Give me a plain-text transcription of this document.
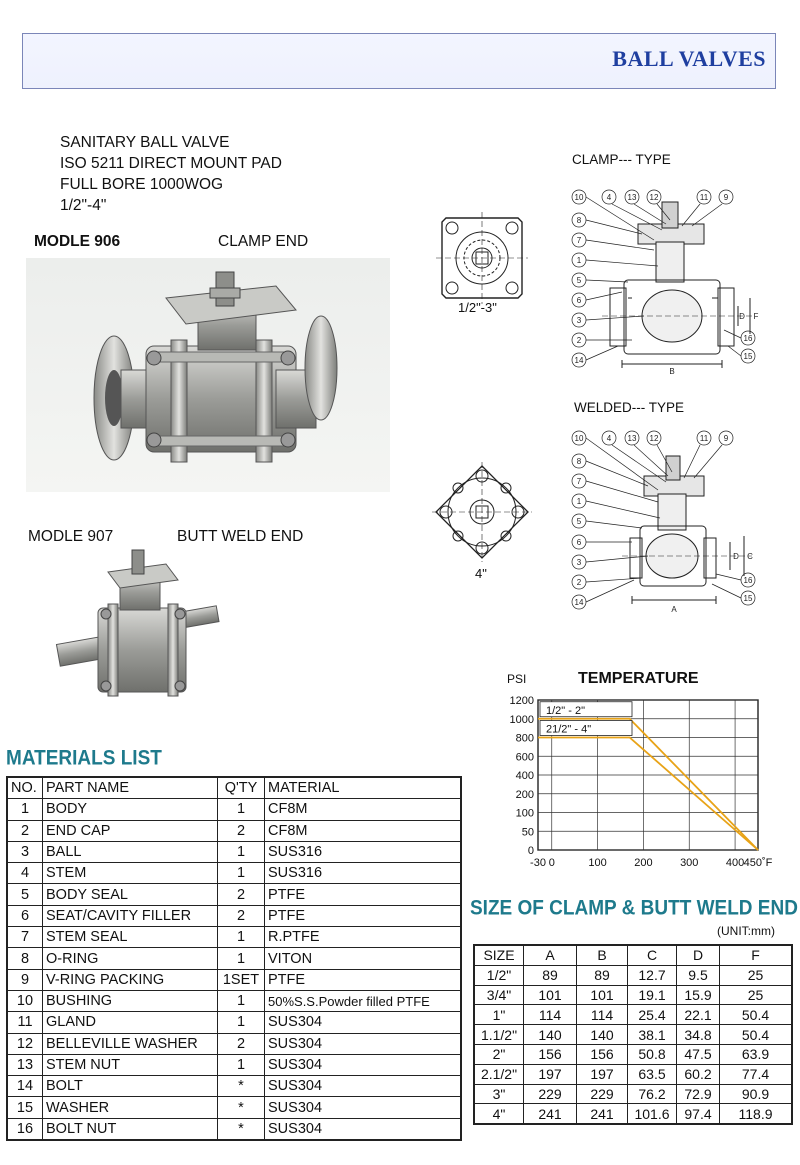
BALL VALVES
SANITARY BALL VALVE
ISO 5211 DIRECT MOUNT PAD
FULL BORE 1000WOG
1/2"-4"
MODLE 906	CLAMP END
MODLE 907	BUTT WELD END
1/2"-3"
4"
CLAMP--- TYPE
10	4 13 12	11 9
8
7
1
5
6
3
2
14
16
15
B
D F
WELDED--- TYPE
10	4 13 12	11 9
8
7
1
5
6
3
2
14
16
15
A
D C
TEMPERATURE
PSI
1200
1000
800
600
400
200
100
50
0
-30 0	100 200 300 400 450˚F
1/2" - 2"
21/2" - 4"
MATERIALS LIST
NO.	PART NAME	Q'TY	MATERIAL
1	BODY	1	CF8M
2	END CAP	2	CF8M
3	BALL	1	SUS316
4	STEM	1	SUS316
5	BODY SEAL	2	PTFE
6	SEAT/CAVITY FILLER	2	PTFE
7	STEM SEAL	1	R.PTFE
8	O-RING	1	VITON
9	V-RING PACKING	1SET	PTFE
10	BUSHING	1	50%S.S.Powder filled PTFE
11	GLAND	1	SUS304
12	BELLEVILLE WASHER	2	SUS304
13	STEM NUT	1	SUS304
14	BOLT	*	SUS304
15	WASHER	*	SUS304
16	BOLT NUT	*	SUS304
SIZE OF CLAMP & BUTT WELD END
(UNIT:mm)
SIZE	A	B	C	D	F
1/2"	89	89	12.7	9.5	25
3/4"	101	101	19.1	15.9	25
1"	114	114	25.4	22.1	50.4
1.1/2"	140	140	38.1	34.8	50.4
2"	156	156	50.8	47.5	63.9
2.1/2"	197	197	63.5	60.2	77.4
3"	229	229	76.2	72.9	90.9
4"	241	241	101.6	97.4	118.9
